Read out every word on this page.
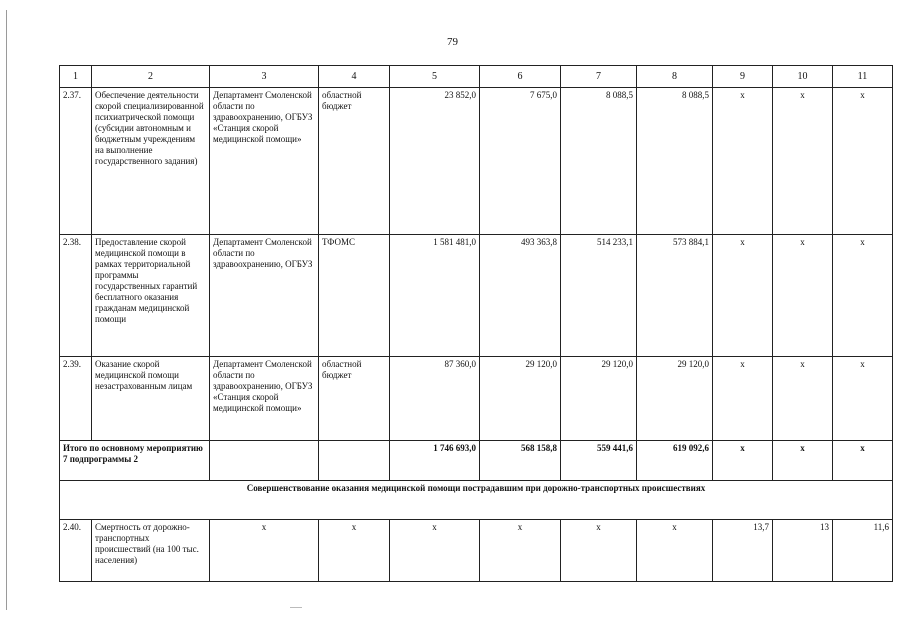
79
1	2	3	4	5	6	7	8	9	10	11
2.37.	Обеспечение деятельности скорой специализированной психиатрической помощи (субсидии автономным и бюджетным учреждениям на выполнение государственного задания)	Департамент Смоленской области по здравоохранению, ОГБУЗ «Станция скорой медицинской помощи»	областной бюджет	23 852,0	7 675,0	8 088,5	8 088,5	x	x	x
2.38.	Предоставление скорой медицинской помощи в рамках территориальной программы государственных гарантий бесплатного оказания гражданам медицинской помощи	Департамент Смоленской области по здравоохранению, ОГБУЗ	ТФОМС	1 581 481,0	493 363,8	514 233,1	573 884,1	x	x	x
2.39.	Оказание скорой медицинской помощи незастрахованным лицам	Департамент Смоленской области по здравоохранению, ОГБУЗ «Станция скорой медицинской помощи»	областной бюджет	87 360,0	29 120,0	29 120,0	29 120,0	x	x	x
Итого по основному мероприятию 7 подпрограммы 2				1 746 693,0	568 158,8	559 441,6	619 092,6	x	x	x
Совершенствование оказания медицинской помощи пострадавшим при дорожно-транспортных происшествиях										
2.40.	Смертность от дорожно-транспортных происшествий (на 100 тыс. населения)	x	x	x	x	x	x	13,7	13	11,6
